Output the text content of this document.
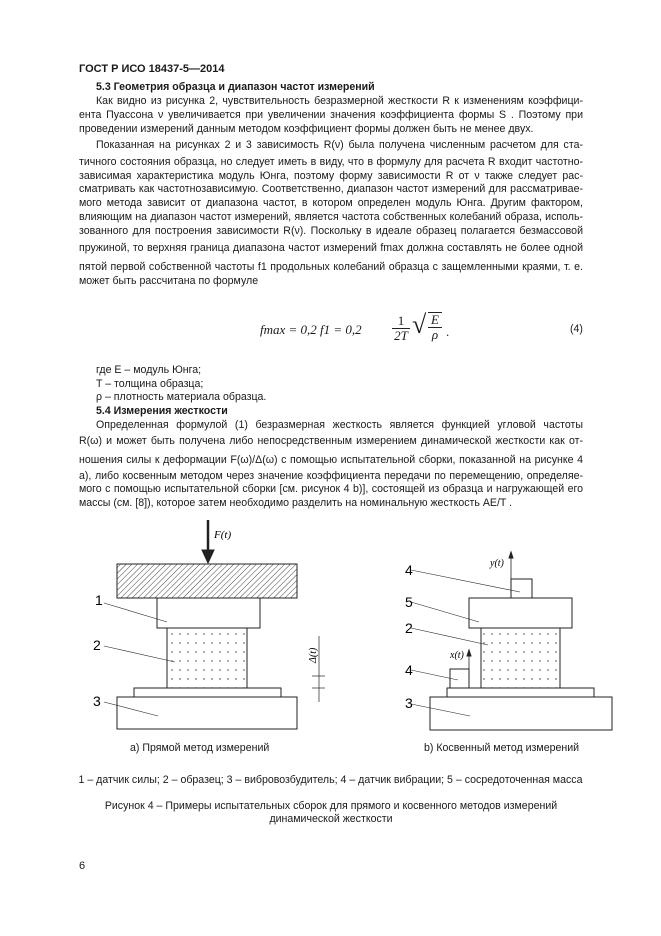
ГОСТ Р ИСО 18437-5—2014
5.3 Геометрия образца и диапазон частот измерений
Как видно из рисунка 2, чувствительность безразмерной жесткости R к изменениям коэффици-
ента Пуассона ν увеличивается при увеличении значения коэффициента формы S . Поэтому при
проведении измерений данным методом коэффициент формы должен быть не менее двух.
Показанная на рисунках 2 и 3 зависимость R(ν) была получена численным расчетом для ста-
тичного состояния образца, но следует иметь в виду, что в формулу для расчета R входит частотно-
зависимая характеристика модуль Юнга, поэтому форму зависимости R от ν также следует рас-
сматривать как частотнозависимую. Соответственно, диапазон частот измерений для рассматривае-
мого метода зависит от диапазона частот, в котором определен модуль Юнга. Другим фактором,
влияющим на диапазон частот измерений, является частота собственных колебаний образа, исполь-
зованного для построения зависимости R(ν). Поскольку в идеале образец полагается безмассовой
пружиной, то верхняя граница диапазона частот измерений fmax должна составлять не более одной
пятой первой собственной частоты f1 продольных колебаний образца с защемленными краями, т. е.
может быть рассчитана по формуле
fmax = 0,2 $f1 = 0,2 \frac{1}{2T}$ √ $\frac{E}{\rho}$ .	(4)
где E – модуль Юнга;
T – толщина образца;
ρ – плотность материала образца.
5.4 Измерения жесткости
Определенная формулой (1) безразмерная жесткость является функцией угловой частоты
R(ω) и может быть получена либо непосредственным измерением динамической жесткости как от-
ношения силы к деформации F(ω)/Δ(ω) с помощью испытательной сборки, показанной на рисунке 4
а), либо косвенным методом через значение коэффициента передачи по перемещению, определяе-
мого с помощью испытательной сборки [см. рисунок 4 b)], состоящей из образца и нагружающей его
массы (см. [8]), которое затем необходимо разделить на номинальную жесткость AE/T .
F(t)
1
2
3
Δ(t)
y(t)
x(t)
4
5
2
4
3
а) Прямой метод измерений	b) Косвенный метод измерений
1 – датчик силы; 2 – образец; 3 – вибровозбудитель; 4 – датчик вибрации; 5 – сосредоточенная масса
Рисунок 4 – Примеры испытательных сборок для прямого и косвенного методов измерений
динамической жесткости
6
